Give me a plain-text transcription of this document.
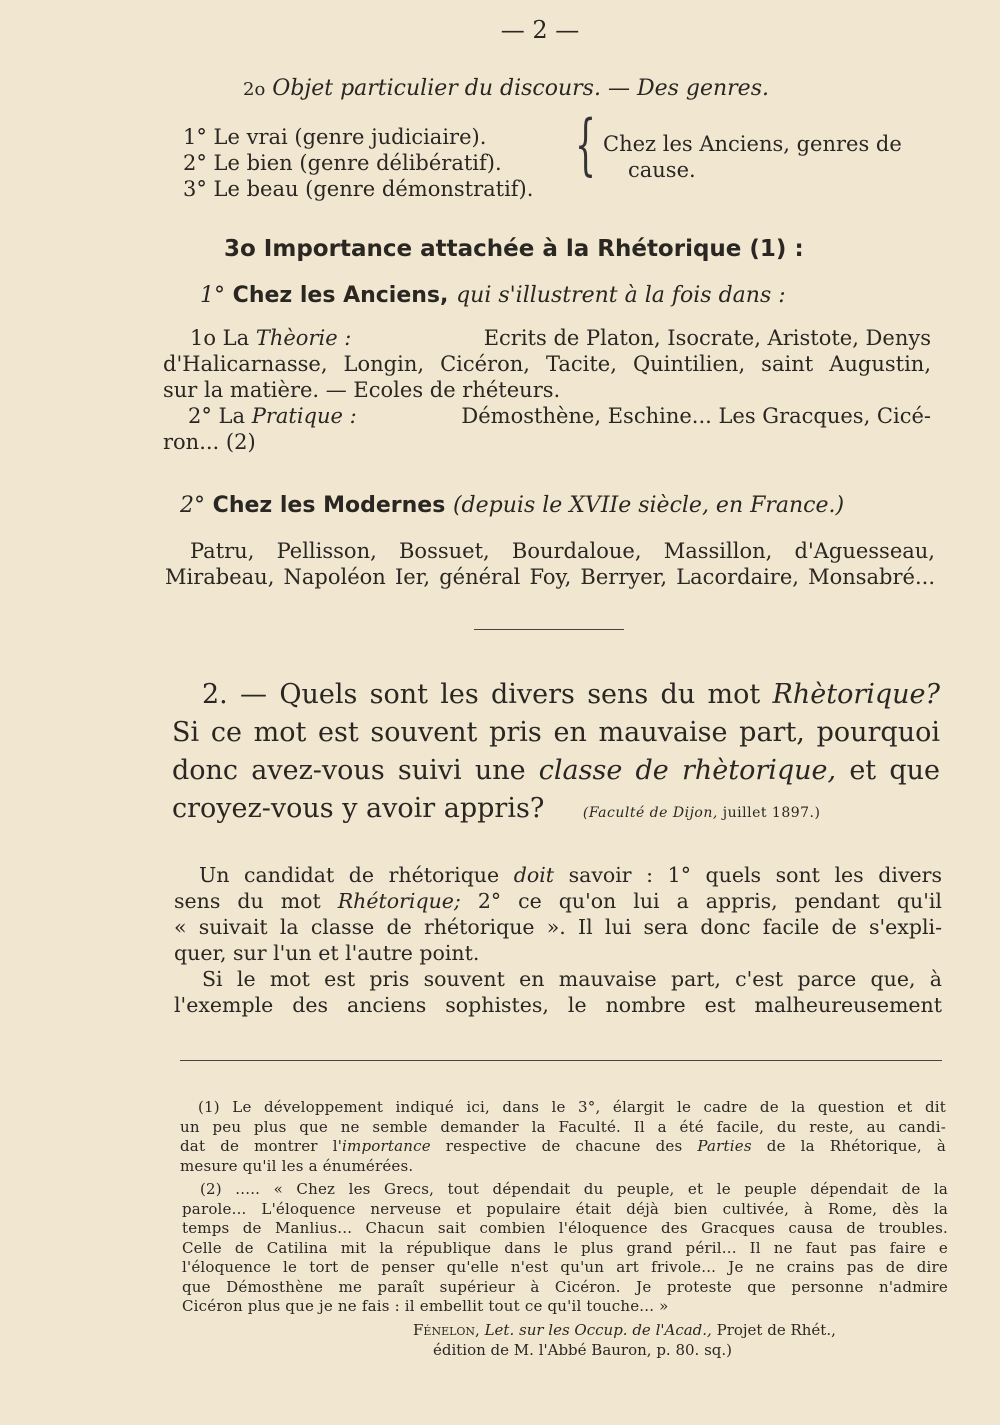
— 2 —
2o Objet particulier du discours. — Des genres.
1° Le vrai (genre judiciaire).
2° Le bien (genre délibératif).
3° Le beau (genre démonstratif).
{ Chez les Anciens, genres de
cause.
3o Importance attachée à la Rhétorique (1) :
1° Chez les Anciens, qui s'illustrent à la fois dans :
1o La Thèorie :	Ecrits de Platon, Isocrate, Aristote, Denys
d'Halicarnasse, Longin, Cicéron, Tacite, Quintilien, saint Augustin,
sur la matière. — Ecoles de rhéteurs.
2° La Pratique :	Démosthène, Eschine... Les Gracques, Cicé-
ron... (2)
2° Chez les Modernes (depuis le XVIIe siècle, en France.)
Patru, Pellisson, Bossuet, Bourdaloue, Massillon, d'Aguesseau,
Mirabeau, Napoléon Ier, général Foy, Berryer, Lacordaire, Monsabré...
2. — Quels sont les divers sens du mot Rhètorique?
Si ce mot est souvent pris en mauvaise part, pourquoi
donc avez-vous suivi une classe de rhètorique, et que
croyez-vous y avoir appris?	(Faculté de Dijon, juillet 1897.)
Un candidat de rhétorique doit savoir : 1° quels sont les divers
sens du mot Rhétorique; 2° ce qu'on lui a appris, pendant qu'il
« suivait la classe de rhétorique ». Il lui sera donc facile de s'expli-
quer, sur l'un et l'autre point.
Si le mot est pris souvent en mauvaise part, c'est parce que, à
l'exemple des anciens sophistes, le nombre est malheureusement
(1) Le développement indiqué ici, dans le 3°, élargit le cadre de la question et dit
un peu plus que ne semble demander la Faculté. Il a été facile, du reste, au candi-
dat de montrer l'importance respective de chacune des Parties de la Rhétorique, à
mesure qu'il les a énumérées.
(2) ..... « Chez les Grecs, tout dépendait du peuple, et le peuple dépendait de la
parole... L'éloquence nerveuse et populaire était déjà bien cultivée, à Rome, dès la
temps de Manlius... Chacun sait combien l'éloquence des Gracques causa de troubles.
Celle de Catilina mit la république dans le plus grand péril... Il ne faut pas faire e
l'éloquence le tort de penser qu'elle n'est qu'un art frivole... Je ne crains pas de dire
que Démosthène me paraît supérieur à Cicéron. Je proteste que personne n'admire
Cicéron plus que je ne fais : il embellit tout ce qu'il touche... »
Fénelon, Let. sur les Occup. de l'Acad., Projet de Rhét.,
édition de M. l'Abbé Bauron, p. 80. sq.)
